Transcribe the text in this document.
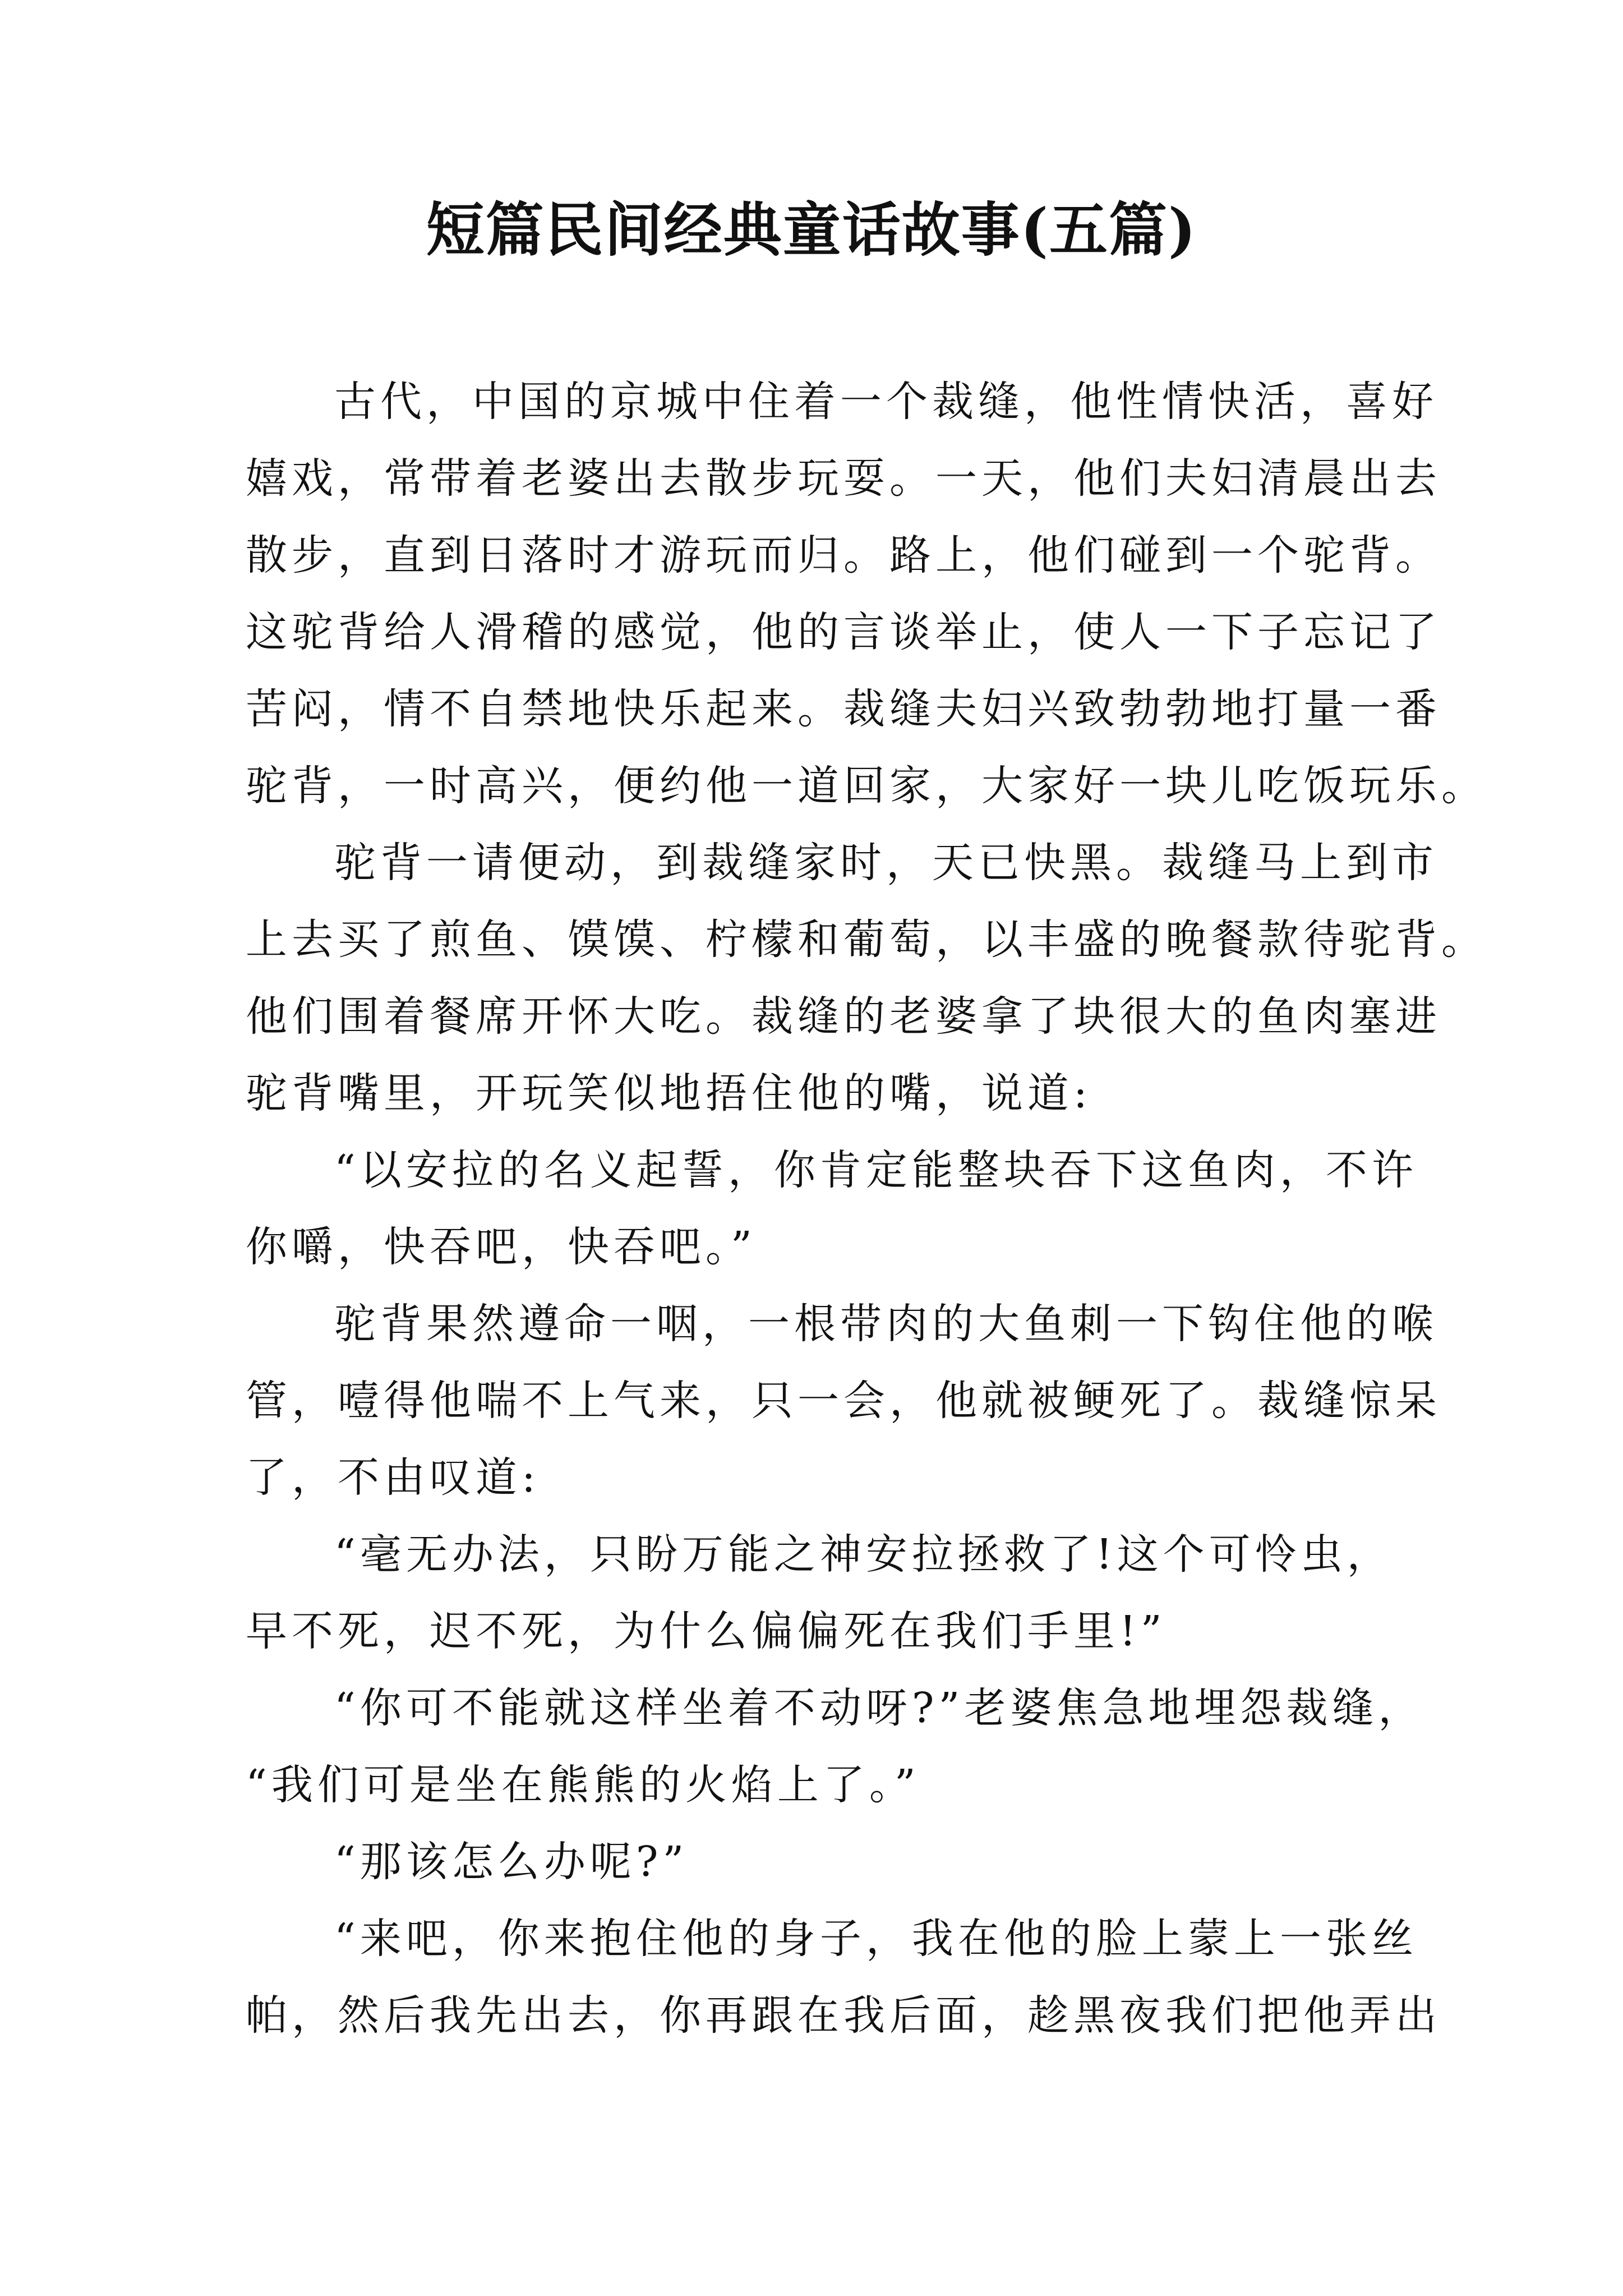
短篇民间经典童话故事(五篇)
古代，中国的京城中住着一个裁缝，他性情快活，喜好
嬉戏，常带着老婆出去散步玩耍。一天，他们夫妇清晨出去
散步，直到日落时才游玩而归。路上，他们碰到一个驼背。
这驼背给人滑稽的感觉，他的言谈举止，使人一下子忘记了
苦闷，情不自禁地快乐起来。裁缝夫妇兴致勃勃地打量一番
驼背，一时高兴，便约他一道回家，大家好一块儿吃饭玩乐。
驼背一请便动，到裁缝家时，天已快黑。裁缝马上到市
上去买了煎鱼、馍馍、柠檬和葡萄，以丰盛的晚餐款待驼背。
他们围着餐席开怀大吃。裁缝的老婆拿了块很大的鱼肉塞进
驼背嘴里，开玩笑似地捂住他的嘴，说道:
“以安拉的名义起誓，你肯定能整块吞下这鱼肉，不许
你嚼，快吞吧，快吞吧。”
驼背果然遵命一咽，一根带肉的大鱼刺一下钩住他的喉
管，噎得他喘不上气来，只一会，他就被鲠死了。裁缝惊呆
了，不由叹道:
“毫无办法，只盼万能之神安拉拯救了!这个可怜虫，
早不死，迟不死，为什么偏偏死在我们手里!”
“你可不能就这样坐着不动呀?”老婆焦急地埋怨裁缝，
“我们可是坐在熊熊的火焰上了。”
“那该怎么办呢?”
“来吧，你来抱住他的身子，我在他的脸上蒙上一张丝
帕，然后我先出去，你再跟在我后面，趁黑夜我们把他弄出
